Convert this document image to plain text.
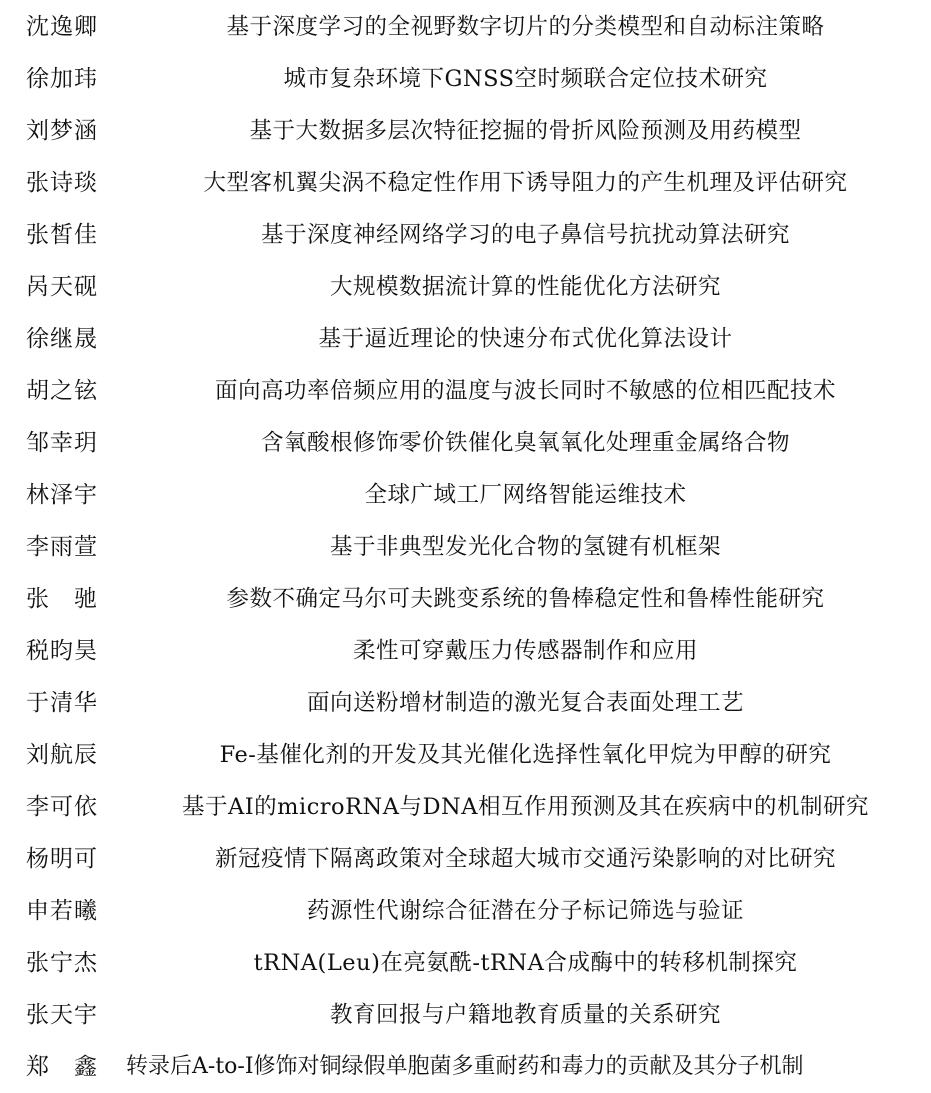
沈逸卿	基于深度学习的全视野数字切片的分类模型和自动标注策略
徐加玮	城市复杂环境下GNSS空时频联合定位技术研究
刘梦涵	基于大数据多层次特征挖掘的骨折风险预测及用药模型
张诗琰	大型客机翼尖涡不稳定性作用下诱导阻力的产生机理及评估研究
张皙佳	基于深度神经网络学习的电子鼻信号抗扰动算法研究
呙天砚	大规模数据流计算的性能优化方法研究
徐继晟	基于逼近理论的快速分布式优化算法设计
胡之铉	面向高功率倍频应用的温度与波长同时不敏感的位相匹配技术
邹幸玥	含氧酸根修饰零价铁催化臭氧氧化处理重金属络合物
林泽宇	全球广域工厂网络智能运维技术
李雨萱	基于非典型发光化合物的氢键有机框架
张　驰	参数不确定马尔可夫跳变系统的鲁棒稳定性和鲁棒性能研究
税昀昊	柔性可穿戴压力传感器制作和应用
于清华	面向送粉增材制造的激光复合表面处理工艺
刘航辰	Fe-基催化剂的开发及其光催化选择性氧化甲烷为甲醇的研究
李可依	基于AI的microRNA与DNA相互作用预测及其在疾病中的机制研究
杨明可	新冠疫情下隔离政策对全球超大城市交通污染影响的对比研究
申若曦	药源性代谢综合征潜在分子标记筛选与验证
张宁杰	tRNA(Leu)在亮氨酰-tRNA合成酶中的转移机制探究
张天宇	教育回报与户籍地教育质量的关系研究
郑　鑫	转录后A-to-I修饰对铜绿假单胞菌多重耐药和毒力的贡献及其分子机制
